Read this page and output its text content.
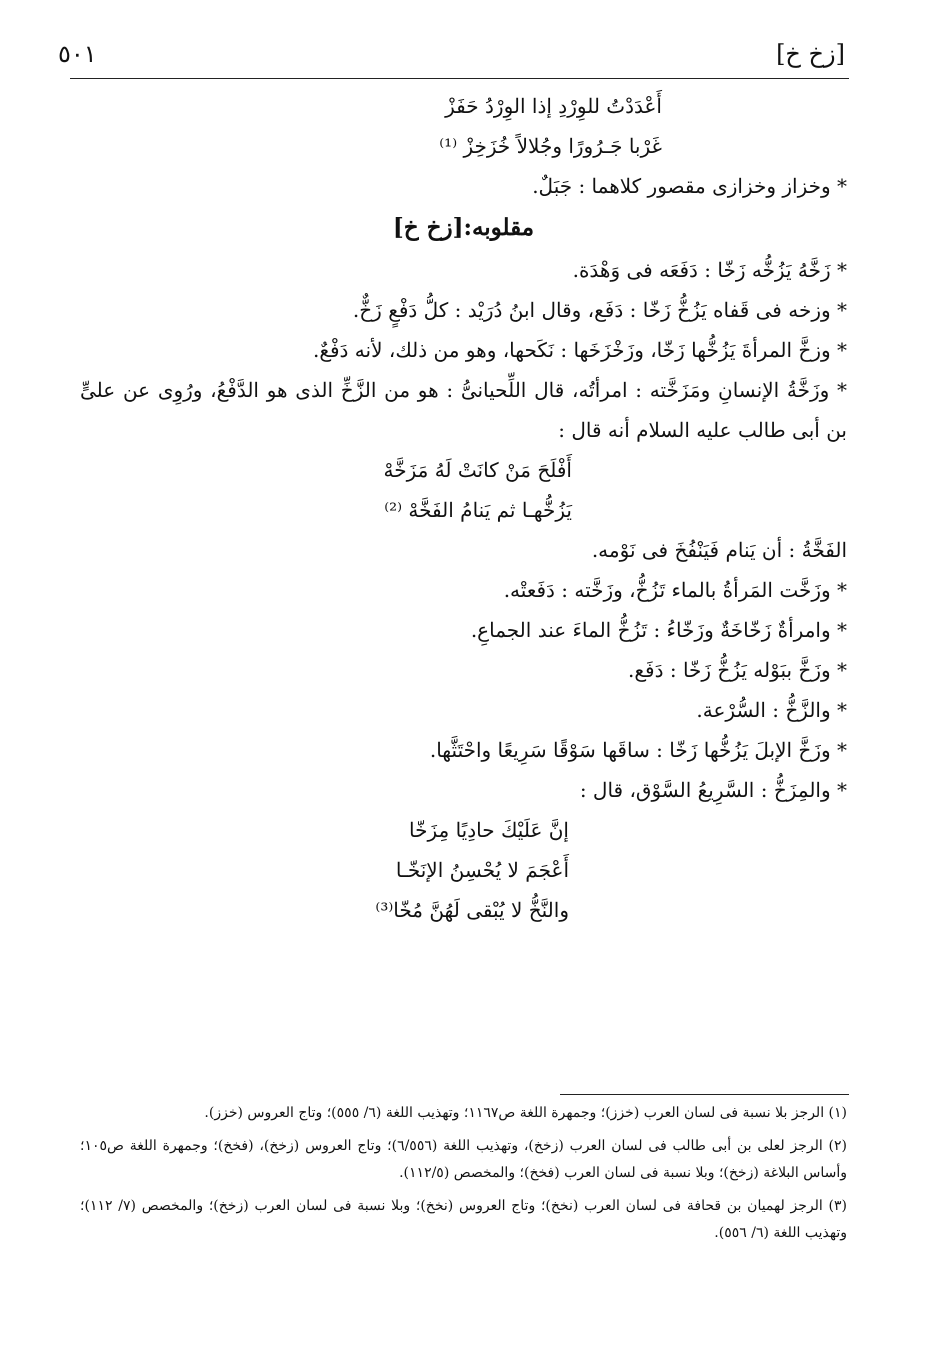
٥٠١	[زخ خ]
أَعْدَدْتُ للوِرْدِ إذا الوِرْدُ حَفَزْ
غَرْبا جَـرُورًا وجُلالاً خُزَخِزْ ⁽¹⁾
* وخزاز وخزازى مقصور كلاهما : جَبَلٌ.
مقلوبه:[زخ خ]
* زَخَّهُ يَزُخُّه زَخّا : دَفَعَه فى وَهْدَة.
* وزخه فى قَفاه يَزُخُّ زَخّا : دَفَع، وقال ابنُ دُرَيْد : كلُّ دَفْعٍ زَخٌّ.
* وزخَّ المرأةَ يَزُخُّها زَخّا، وزَخْزَخَها : نَكَحها، وهو من ذلك، لأنه دَفْعٌ.
* وزَخَّةُ الإنسانِ ومَزَخَّته : امرأتُه، قال اللِّحيانىُّ : هو من الزَّخِّ الذى هو الدَّفْعُ، ورُوِى عن علىٍّ بن أبى طالب عليه السلام أنه قال :
أَفْلَحَ مَنْ كانَتْ لَهُ مَزَخَّهْ
يَزُخُّهـا ثم يَنامُ الفَخَّهْ ⁽²⁾
الفَخَّةُ : أن يَنام فَيَنْفُخَ فى نَوْمه.
* وزَخَّت المَرأةُ بالماء تَزُخُّ، وزَخَّته : دَفَعتْه.
* وامرأةٌ زَخّاخَةٌ وزَخّاءُ : تَزُخُّ الماءَ عند الجماعِ.
* وزَخَّ ببَوْله يَزُخُّ زَخّا : دَفَع.
* والزَّخُّ : السُّرْعة.
* وزَخَّ الإبلَ يَزُخُّها زَخّا : ساقَها سَوْقًا سَرِيعًا واحْتَثَّها.
* والمِزَخُّ : السَّرِيعُ السَّوْق، قال :
إنَّ عَلَيْكَ حادِيًا مِزَخّا
أَعْجَمَ لا يُحْسِنُ الإنَخّـا
والنَّخُّ لا يُبْقى لَهُنَّ مُخّا⁽³⁾
(١) الرجز بلا نسبة فى لسان العرب (خزز)؛ وجمهرة اللغة ص١١٦٧؛ وتهذيب اللغة (٦/ ٥٥٥)؛ وتاج العروس (خزز).
(٢) الرجز لعلى بن أبى طالب فى لسان العرب (زخخ)، وتهذيب اللغة (٦/٥٥٦)؛ وتاج العروس (زخخ)، (فخخ)؛ وجمهرة اللغة ص١٠٥؛ وأساس البلاغة (زخخ)؛ وبلا نسبة فى لسان العرب (فخخ)؛ والمخصص (١١٢/٥).
(٣) الرجز لهميان بن قحافة فى لسان العرب (نخخ)؛ وتاج العروس (نخخ)؛ وبلا نسبة فى لسان العرب (زخخ)؛ والمخصص (٧/ ١١٢)؛ وتهذيب اللغة (٦/ ٥٥٦).
